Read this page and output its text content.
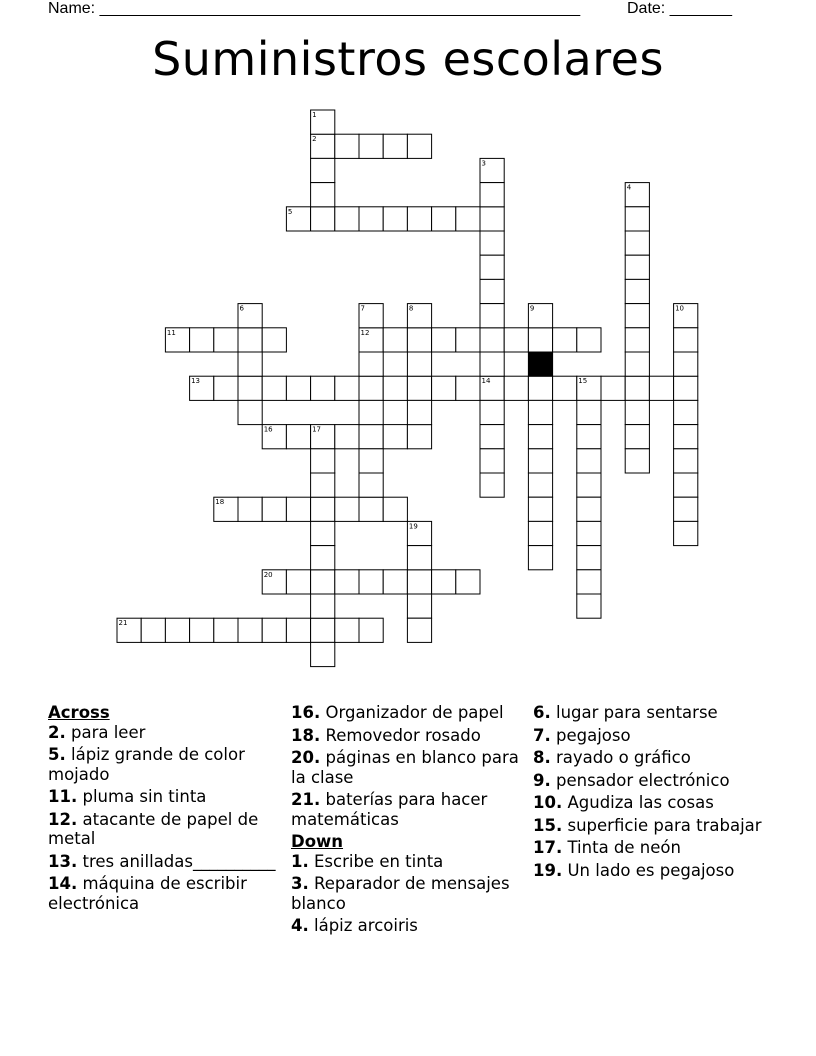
Name: ______________________________________________________	Date: _______
Suministros escolares
1
2
3
4
5
6	7	8	9	10
11	12
13	14	15
16	17
18
19
20
21
Across
2. para leer
5. lápiz grande de color mojado
11. pluma sin tinta
12. atacante de papel de metal
13. tres anilladas__________
14. máquina de escribir electrónica
16. Organizador de papel
18. Removedor rosado
20. páginas en blanco para la clase
21. baterías para hacer matemáticas
Down
1. Escribe en tinta
3. Reparador de mensajes blanco
4. lápiz arcoiris
6. lugar para sentarse
7. pegajoso
8. rayado o gráfico
9. pensador electrónico
10. Agudiza las cosas
15. superficie para trabajar
17. Tinta de neón
19. Un lado es pegajoso
